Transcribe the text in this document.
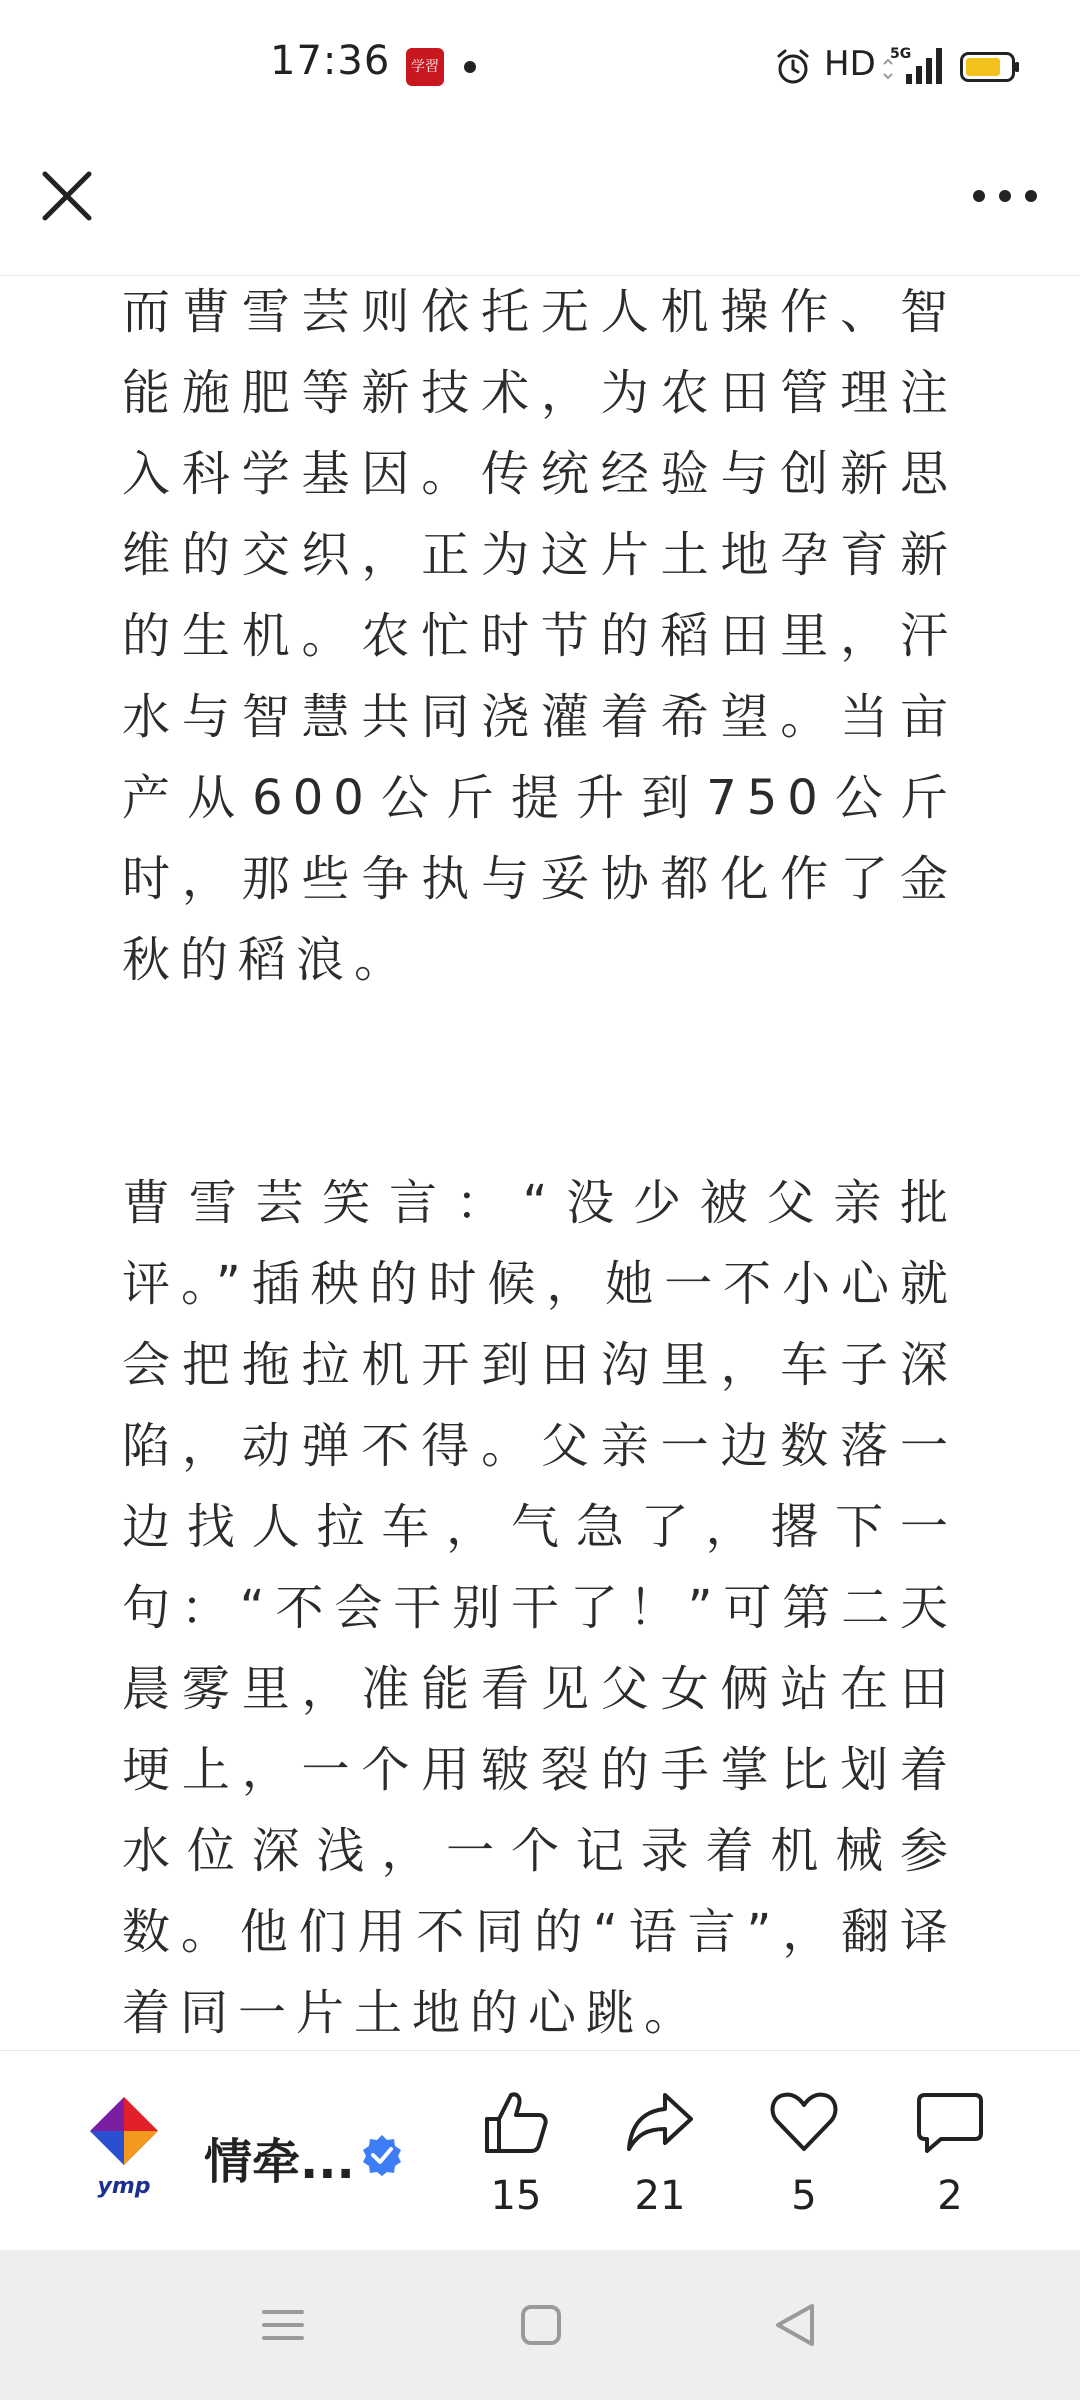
17:36	学習	HD 5G

而曹雪芸则依托无人机操作、智能施肥等新技术，为农田管理注入科学基因。传统经验与创新思维的交织，正为这片土地孕育新的生机。农忙时节的稻田里，汗水与智慧共同浇灌着希望。当亩产从600公斤提升到750公斤时，那些争执与妥协都化作了金秋的稻浪。

曹雪芸笑言：“没少被父亲批评。”插秧的时候，她一不小心就会把拖拉机开到田沟里，车子深陷，动弹不得。父亲一边数落一边找人拉车，气急了，撂下一句：“不会干别干了！”可第二天晨雾里，准能看见父女俩站在田埂上，一个用皲裂的手掌比划着水位深浅，一个记录着机械参数。他们用不同的“语言”，翻译着同一片土地的心跳。

ymp 情牵...
15	21	5	2
